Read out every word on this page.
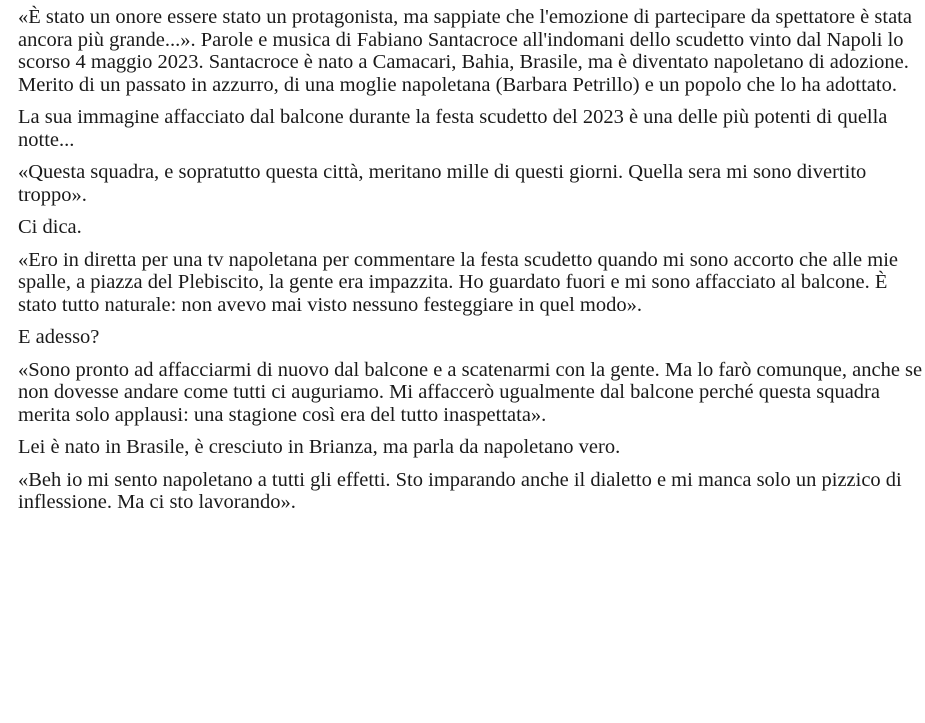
«È stato un onore essere stato un protagonista, ma sappiate che l'emozione di partecipare da spettatore è stata ancora più grande...». Parole e musica di Fabiano Santacroce all'indomani dello scudetto vinto dal Napoli lo scorso 4 maggio 2023. Santacroce è nato a Camacari, Bahia, Brasile, ma è diventato napoletano di adozione. Merito di un passato in azzurro, di una moglie napoletana (Barbara Petrillo) e un popolo che lo ha adottato.

La sua immagine affacciato dal balcone durante la festa scudetto del 2023 è una delle più potenti di quella notte...

«Questa squadra, e sopratutto questa città, meritano mille di questi giorni. Quella sera mi sono divertito troppo».

Ci dica.

«Ero in diretta per una tv napoletana per commentare la festa scudetto quando mi sono accorto che alle mie spalle, a piazza del Plebiscito, la gente era impazzita. Ho guardato fuori e mi sono affacciato al balcone. È stato tutto naturale: non avevo mai visto nessuno festeggiare in quel modo».

E adesso?

«Sono pronto ad affacciarmi di nuovo dal balcone e a scatenarmi con la gente. Ma lo farò comunque, anche se non dovesse andare come tutti ci auguriamo. Mi affaccerò ugualmente dal balcone perché questa squadra merita solo applausi: una stagione così era del tutto inaspettata».

Lei è nato in Brasile, è cresciuto in Brianza, ma parla da napoletano vero.

«Beh io mi sento napoletano a tutti gli effetti. Sto imparando anche il dialetto e mi manca solo un pizzico di inflessione. Ma ci sto lavorando».
